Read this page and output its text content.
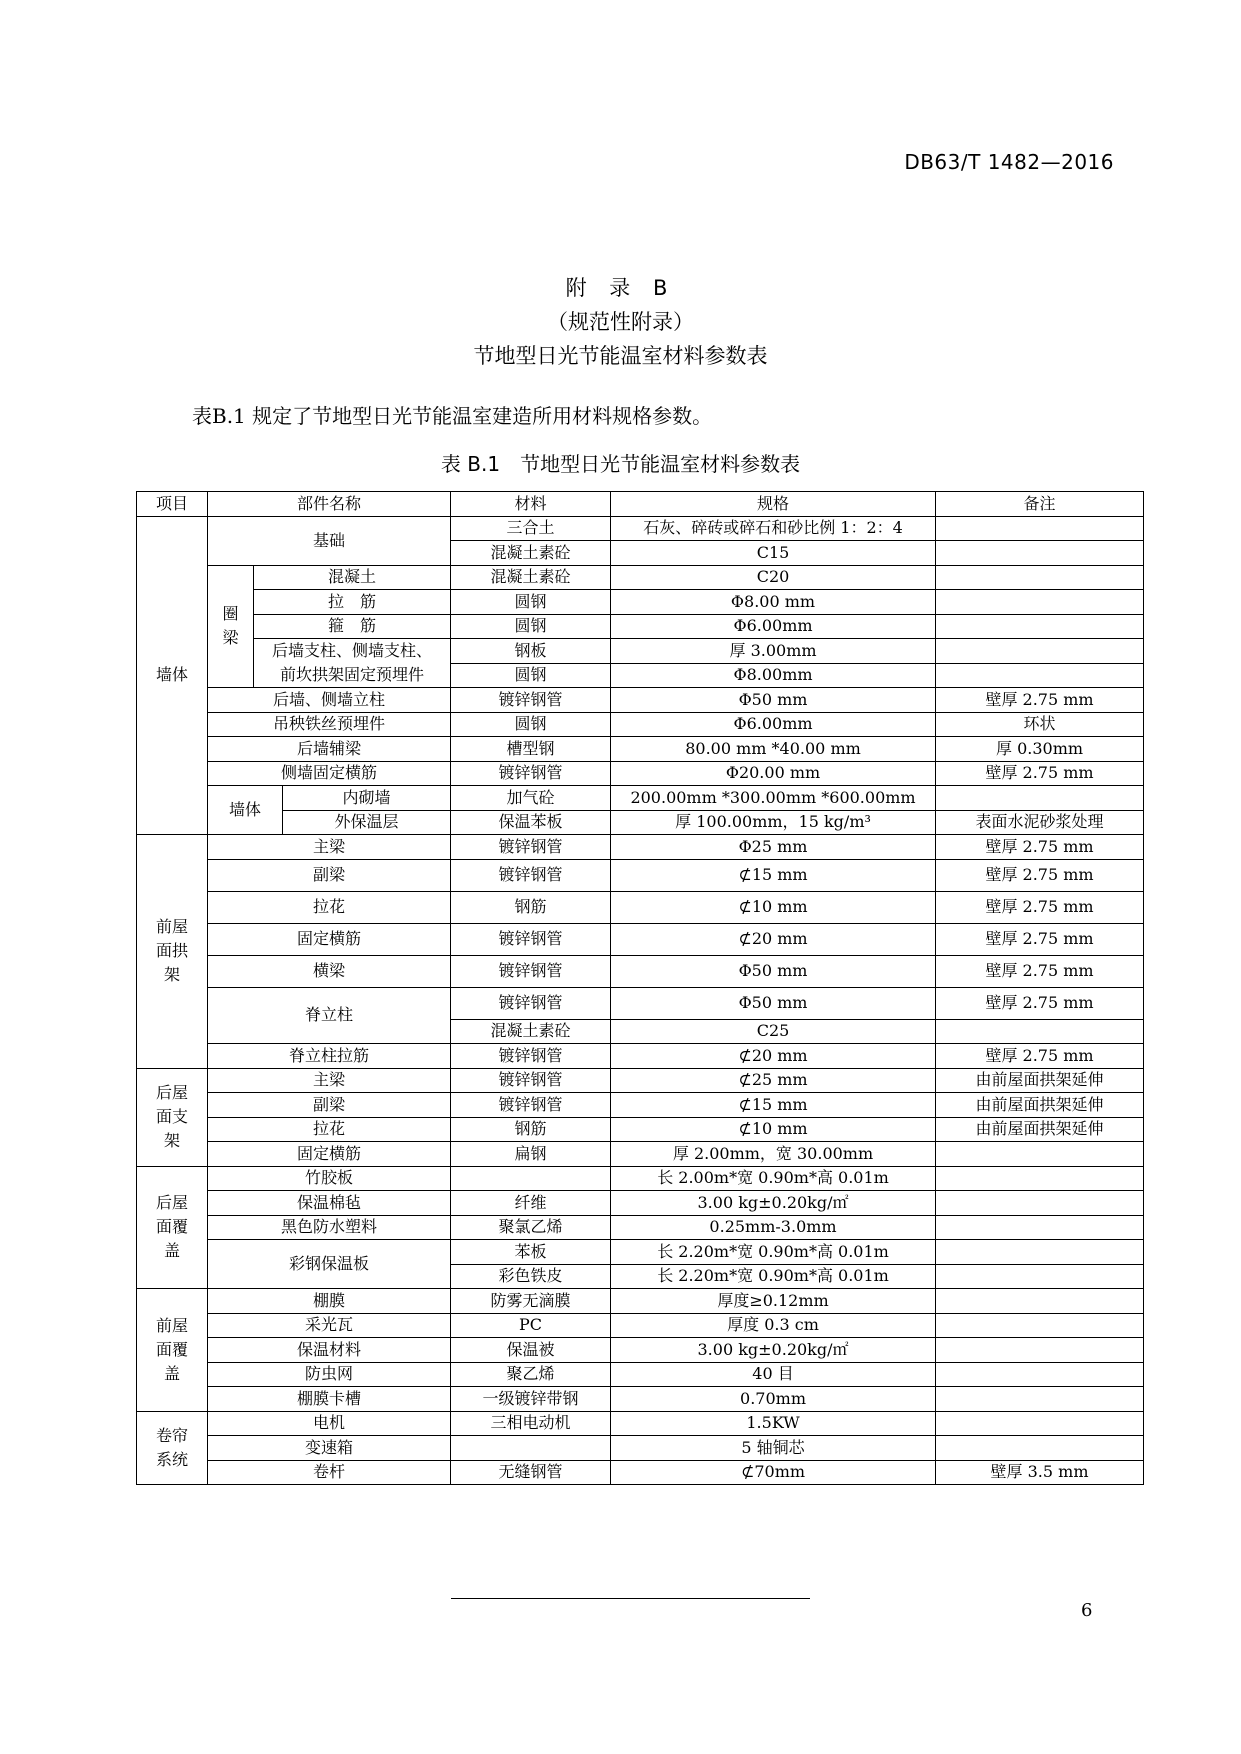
DB63/T 1482—2016
附 录 B
（规范性附录）
节地型日光节能温室材料参数表
表B.1 规定了节地型日光节能温室建造所用材料规格参数。
表 B.1　节地型日光节能温室材料参数表
项目	部件名称			材料	规格	备注
墙体	基础			三合土	石灰、碎砖或碎石和砂比例 1：2：4	
				混凝土素砼	C15	
	圈梁	混凝土		混凝土素砼	C20	
		拉　筋		圆钢	Φ8.00 mm	
		箍　筋		圆钢	Φ6.00mm	
		后墙支柱、侧墙支柱、		钢板	厚 3.00mm	
		前坎拱架固定预埋件		圆钢	Φ8.00mm	
	后墙、侧墙立柱			镀锌钢管	Φ50 mm	壁厚 2.75 mm
	吊秧铁丝预埋件			圆钢	Φ6.00mm	环状
	后墙辅梁			槽型钢	80.00 mm *40.00 mm	厚 0.30mm
	侧墙固定横筋			镀锌钢管	Φ20.00 mm	壁厚 2.75 mm
	墙体		内砌墙	加气砼	200.00mm *300.00mm *600.00mm	
			外保温层	保温苯板	厚 100.00mm，15 kg/m³	表面水泥砂浆处理
前屋面拱架	主梁			镀锌钢管	Φ25 mm	壁厚 2.75 mm
	副梁			镀锌钢管	⊄15 mm	壁厚 2.75 mm
	拉花			钢筋	⊄10 mm	壁厚 2.75 mm
	固定横筋			镀锌钢管	⊄20 mm	壁厚 2.75 mm
	横梁			镀锌钢管	Φ50 mm	壁厚 2.75 mm
	脊立柱			镀锌钢管	Φ50 mm	壁厚 2.75 mm
				混凝土素砼	C25	
	脊立柱拉筋			镀锌钢管	⊄20 mm	壁厚 2.75 mm
后屋面支架	主梁			镀锌钢管	⊄25 mm	由前屋面拱架延伸
	副梁			镀锌钢管	⊄15 mm	由前屋面拱架延伸
	拉花			钢筋	⊄10 mm	由前屋面拱架延伸
	固定横筋			扁钢	厚 2.00mm，宽 30.00mm	
后屋面覆盖	竹胶板				长 2.00m*宽 0.90m*高 0.01m	
	保温棉毡			纤维	3.00 kg±0.20kg/㎡	
	黑色防水塑料			聚氯乙烯	0.25mm-3.0mm	
	彩钢保温板			苯板	长 2.20m*宽 0.90m*高 0.01m	
				彩色铁皮	长 2.20m*宽 0.90m*高 0.01m	
前屋面覆盖	棚膜			防雾无滴膜	厚度≥0.12mm	
	采光瓦			PC	厚度 0.3 cm	
	保温材料			保温被	3.00 kg±0.20kg/㎡	
	防虫网			聚乙烯	40 目	
	棚膜卡槽			一级镀锌带钢	0.70mm	
卷帘系统	电机			三相电动机	1.5KW	
	变速箱				5 轴铜芯	
	卷杆			无缝钢管	⊄70mm	壁厚 3.5 mm
6
